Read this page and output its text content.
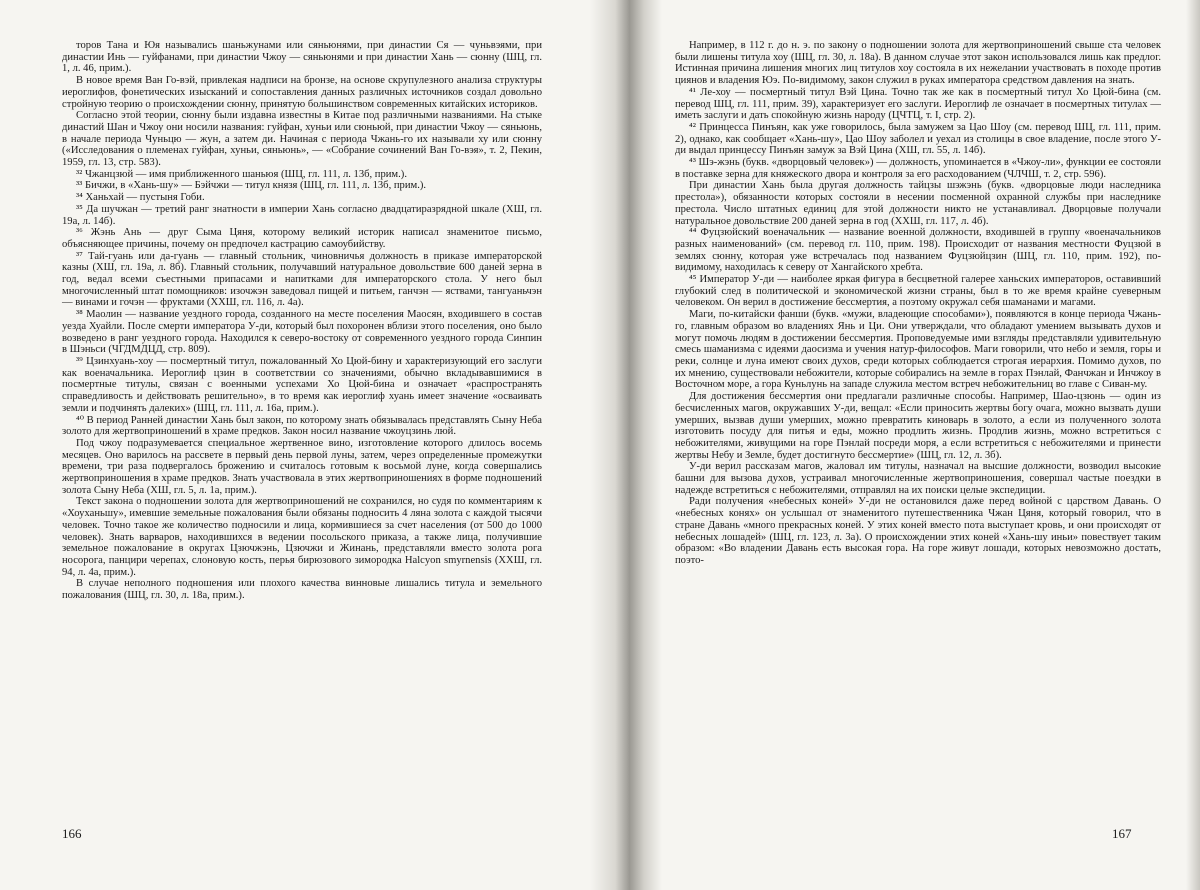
торов Тана и Юя назывались шаньжунами или сяньюнями, при династии Ся — чуньвэями, при династии Инь — гуйфанами, при династии Чжоу — сяньюнями и при династии Хань — сюнну (ШЦ, гл. 1, л. 46, прим.).

В новое время Ван Го-вэй, привлекая надписи на бронзе, на основе скрупулезного анализа структуры иероглифов, фонетических изысканий и сопоставления данных различных источников создал довольно стройную теорию о происхождении сюнну, принятую большинством современных китайских историков.

Согласно этой теории, сюнну были издавна известны в Китае под различными названиями. На стыке династий Шан и Чжоу они носили названия: гуйфан, хуньи или сюньюй, при династии Чжоу — сяньюнь, в начале периода Чуньцю — жун, а затем ди. Начиная с периода Чжань-го их называли ху или сюнну («Исследования о племенах гуйфан, хуньи, сяньюнь», — «Собрание сочинений Ван Го-вэя», т. 2, Пекин, 1959, гл. 13, стр. 583).

³² Чжанцзюй — имя приближенного шаньюя (ШЦ, гл. 111, л. 13б, прим.).

³³ Бичжи, в «Хань-шу» — Бэйчжи — титул князя (ШЦ, гл. 111, л. 13б, прим.).

³⁴ Ханьхай — пустыня Гоби.

³⁵ Да шучжан — третий ранг знатности в империи Хань согласно двадцатиразрядной шкале (ХШ, гл. 19а, л. 14б).

³⁶ Жэнь Ань — друг Сыма Цяня, которому великий историк написал знаменитое письмо, объясняющее причины, почему он предпочел кастрацию самоубийству.

³⁷ Тай-гуань или да-гуань — главный стольник, чиновничья должность в приказе императорской казны (ХШ, гл. 19а, л. 8б). Главный стольник, получавший натуральное довольствие 600 даней зерна в год, ведал всеми съестными припасами и напитками для императорского стола. У него был многочисленный штат помощников: изочжэн заведовал пищей и питьем, ганчэн — яствами, тангуаньчэн — винами и гочэн — фруктами (ХХШ, гл. 116, л. 4а).

³⁸ Маолин — название уездного города, созданного на месте поселения Маосян, входившего в состав уезда Хуайли. После смерти императора У-ди, который был похоронен вблизи этого поселения, оно было возведено в ранг уездного города. Находился к северо-востоку от современного уездного города Синпин в Шэньси (ЧГДМДЦД, стр. 809).

³⁹ Цзинхуань-хоу — посмертный титул, пожалованный Хо Цюй-бину и характеризующий его заслуги как военачальника. Иероглиф цзин в соответствии со значениями, обычно вкладывавшимися в посмертные титулы, связан с военными успехами Хо Цюй-бина и означает «распространять справедливость и действовать решительно», в то время как иероглиф хуань имеет значение «осваивать земли и подчинять далеких» (ШЦ, гл. 111, л. 16а, прим.).

⁴⁰ В период Ранней династии Хань был закон, по которому знать обязывалась представлять Сыну Неба золото для жертвоприношений в храме предков. Закон носил название чжоуцзинь люй.

Под чжоу подразумевается специальное жертвенное вино, изготовление которого длилось восемь месяцев. Оно варилось на рассвете в первый день первой луны, затем, через определенные промежутки времени, три раза подвергалось брожению и считалось готовым к восьмой луне, когда совершались жертвоприношения в храме предков. Знать участвовала в этих жертвоприношениях в форме подношений золота Сыну Неба (ХШ, гл. 5, л. 1а, прим.).

Текст закона о подношении золота для жертвоприношений не сохранился, но судя по комментариям к «Хоуханьшу», имевшие земельные пожалования были обязаны подносить 4 ляна золота с каждой тысячи человек. Точно такое же количество подносили и лица, кормившиеся за счет населения (от 500 до 1000 человек). Знать варваров, находившихся в ведении посольского приказа, а также лица, получившие земельное пожалование в округах Цзючжэнь, Цзючжи и Жинань, представляли вместо золота рога носорога, панцири черепах, слоновую кость, перья бирюзового зимородка Halcyon smyrnensis (ХХШ, гл. 94, л. 4а, прим.).

В случае неполного подношения или плохого качества винновые лишались титула и земельного пожалования (ШЦ, гл. 30, л. 18а, прим.).

Например, в 112 г. до н. э. по закону о подношении золота для жертвоприношений свыше ста человек были лишены титула хоу (ШЦ, гл. 30, л. 18а). В данном случае этот закон использовался лишь как предлог. Истинная причина лишения многих лиц титулов хоу состояла в их нежелании участвовать в походе против циянов и владения Юэ. По-видимому, закон служил в руках императора средством давления на знать.

⁴¹ Ле-хоу — посмертный титул Вэй Цина. Точно так же как в посмертный титул Хо Цюй-бина (см. перевод ШЦ, гл. 111, прим. 39), характеризует его заслуги. Иероглиф ле означает в посмертных титулах — иметь заслуги и дать спокойную жизнь народу (ЦЧТЦ, т. I, стр. 2).

⁴² Принцесса Пинъян, как уже говорилось, была замужем за Цао Шоу (см. перевод ШЦ, гл. 111, прим. 2), однако, как сообщает «Хань-шу», Цао Шоу заболел и уехал из столицы в свое владение, после этого У-ди выдал принцессу Пинъян замуж за Вэй Цина (ХШ, гл. 55, л. 14б).

⁴³ Шэ-жэнь (букв. «дворцовый человек») — должность, упоминается в «Чжоу-ли», функции ее состояли в поставке зерна для княжеского двора и контроля за его расходованием (ЧЛЧШ, т. 2, стр. 596).

При династии Хань была другая должность тайцзы шэжэнь (букв. «дворцовые люди наследника престола»), обязанности которых состояли в несении посменной охранной службы при наследнике престола. Число штатных единиц для этой должности никто не устанавливал. Дворцовые получали натуральное довольствие 200 даней зерна в год (ХХШ, гл. 117, л. 4б).

⁴⁴ Фуцзюйский военачальник — название военной должности, входившей в группу «военачальников разных наименований» (см. перевод гл. 110, прим. 198). Происходит от названия местности Фуцзюй в землях сюнну, которая уже встречалась под названием Фуцзюйцзин (ШЦ, гл. 110, прим. 192), по-видимому, находилась к северу от Хангайского хребта.

⁴⁵ Император У-ди — наиболее яркая фигура в бесцветной галерее ханьских императоров, оставивший глубокий след в политической и экономической жизни страны, был в то же время крайне суеверным человеком. Он верил в достижение бессмертия, а поэтому окружал себя шаманами и магами.

Маги, по-китайски фанши (букв. «мужи, владеющие способами»), появляются в конце периода Чжань-го, главным образом во владениях Янь и Ци. Они утверждали, что обладают умением вызывать духов и могут помочь людям в достижении бессмертия. Проповедуемые ими взгляды представляли удивительную смесь шаманизма с идеями даосизма и учения натур-философов. Маги говорили, что небо и земля, горы и реки, солнце и луна имеют своих духов, среди которых соблюдается строгая иерархия. Помимо духов, по их мнению, существовали небожители, которые собирались на земле в горах Пэнлай, Фанчжан и Инчжоу в Восточном море, а гора Куньлунь на западе служила местом встреч небожительниц во главе с Сиван-му.

Для достижения бессмертия они предлагали различные способы. Например, Шао-цзюнь — один из бесчисленных магов, окружавших У-ди, вещал: «Если приносить жертвы богу очага, можно вызвать души умерших, вызвав души умерших, можно превратить киноварь в золото, а если из полученного золота изготовить посуду для питья и еды, можно продлить жизнь. Продлив жизнь, можно встретиться с небожителями, живущими на горе Пэнлай посреди моря, а если встретиться с небожителями и принести жертвы Небу и Земле, будет достигнуто бессмертие» (ШЦ, гл. 12, л. 3б).

У-ди верил рассказам магов, жаловал им титулы, назначал на высшие должности, возводил высокие башни для вызова духов, устраивал многочисленные жертвоприношения, совершал частые поездки в надежде встретиться с небожителями, отправлял на их поиски целые экспедиции.

Ради получения «небесных коней» У-ди не остановился даже перед войной с царством Давань. О «небесных конях» он услышал от знаменитого путешественника Чжан Цяня, который говорил, что в стране Давань «много прекрасных коней. У этих коней вместо пота выступает кровь, и они происходят от небесных лошадей» (ШЦ, гл. 123, л. 3а). О происхождении этих коней «Хань-шу иньи» повествует таким образом: «Во владении Давань есть высокая гора. На горе живут лошади, которых невозможно достать, поэто-

166	167
